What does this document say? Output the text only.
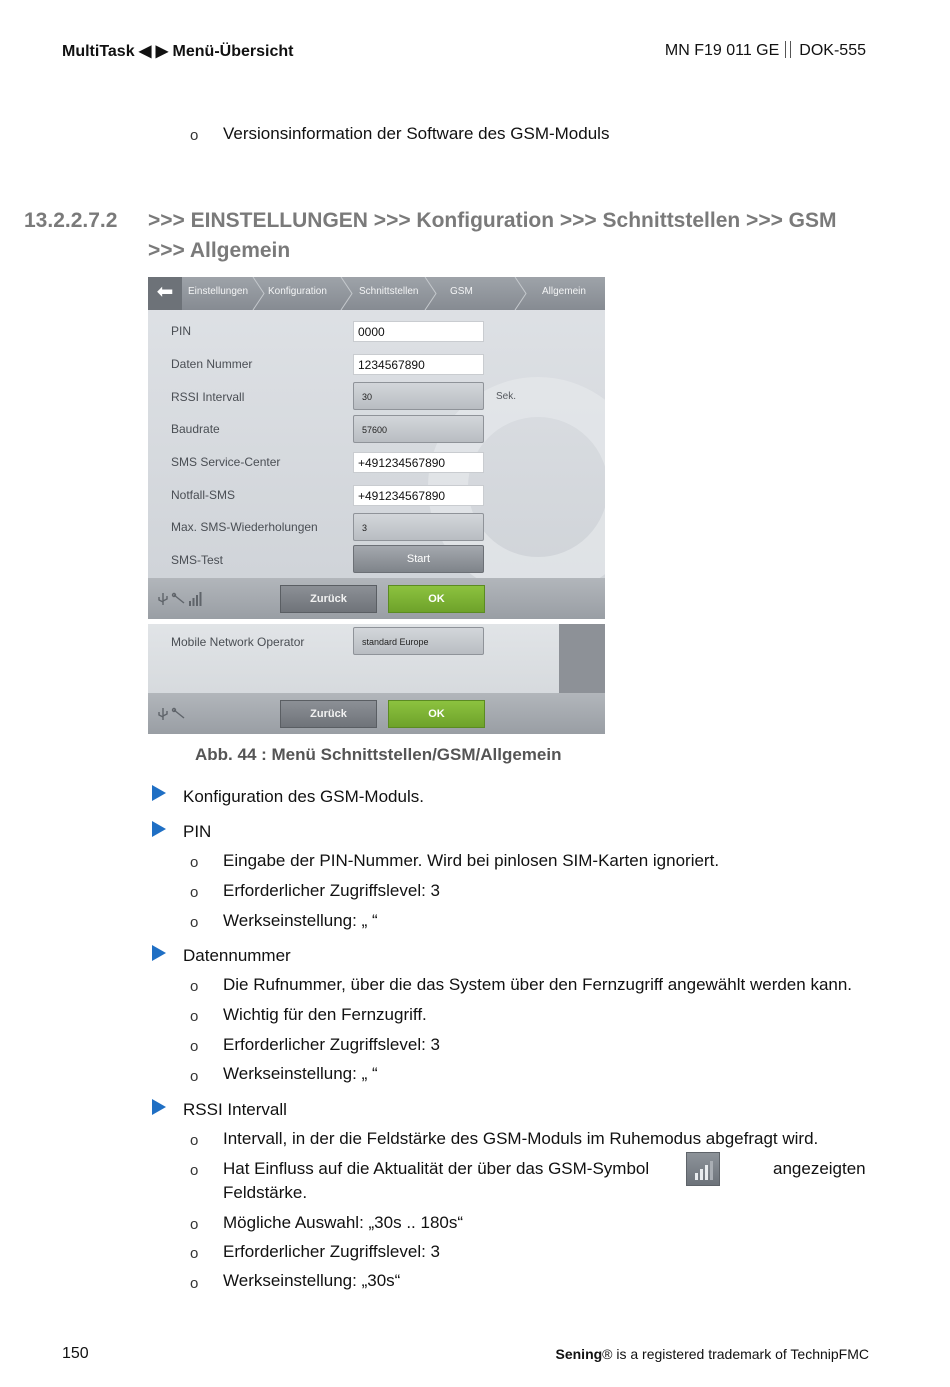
MultiTask ◀ ▶ Menü-Übersicht	MN F19 011 GE DOK-555
o Versionsinformation der Software des GSM-Moduls
13.2.2.7.2 >>> EINSTELLUNGEN >>> Konfiguration >>> Schnittstellen >>> GSM >>> Allgemein
⬅	Einstellungen Konfiguration	Schnittstellen	GSM	Allgemein
PIN	0000
Daten Nummer	1234567890
RSSI Intervall	30	Sek.
Baudrate	57600
SMS Service-Center	+491234567890
Notfall-SMS	+491234567890
Max. SMS-Wiederholungen	3
SMS-Test	Start
Zurück	OK
Mobile Network Operator	standard Europe
Zurück	OK
Abb. 44 : Menü Schnittstellen/GSM/Allgemein
Konfiguration des GSM-Moduls.
PIN
o Eingabe der PIN-Nummer. Wird bei pinlosen SIM-Karten ignoriert.
o Erforderlicher Zugriffslevel: 3
o Werkseinstellung: „ “
Datennummer
o Die Rufnummer, über die das System über den Fernzugriff angewählt werden kann.
o Wichtig für den Fernzugriff.
o Erforderlicher Zugriffslevel: 3
o Werkseinstellung: „ “
RSSI Intervall
o Intervall, in der die Feldstärke des GSM-Moduls im Ruhemodus abgefragt wird.
o Hat Einfluss auf die Aktualität der über das GSM-Symbol	angezeigten
Feldstärke.
o Mögliche Auswahl: „30s .. 180s“
o Erforderlicher Zugriffslevel: 3
o Werkseinstellung: „30s“
150	Sening® is a registered trademark of TechnipFMC
